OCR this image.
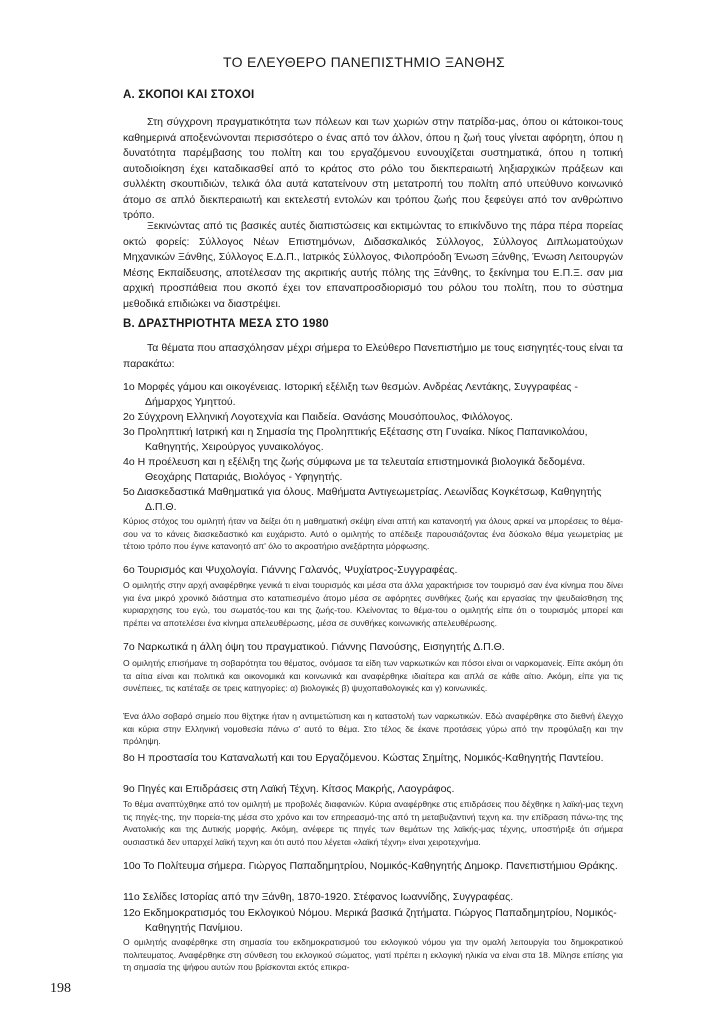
ΤΟ ΕΛΕΥΘΕΡΟ ΠΑΝΕΠΙΣΤΗΜΙΟ ΞΑΝΘΗΣ
Α. ΣΚΟΠΟΙ ΚΑΙ ΣΤΟΧΟΙ
Στη σύγχρονη πραγματικότητα των πόλεων και των χωριών στην πατρίδα-μας, όπου οι κάτοικοι-τους καθημερινά αποξενώνονται περισσότερο ο ένας από τον άλλον, όπου η ζωή τους γίνεται αφόρητη, όπου η δυνατότητα παρέμβασης του πολίτη και του εργαζόμενου ευνουχίζεται συστηματικά, όπου η τοπική αυτοδιοίκηση έχει καταδικασθεί από το κράτος στο ρόλο του διεκπεραιωτή ληξιαρχικών πράξεων και συλλέκτη σκουπιδιών, τελικά όλα αυτά κατατείνουν στη μετατροπή του πολίτη από υπεύθυνο κοινωνικό άτομο σε απλό διεκπεραιωτή και εκτελεστή εντολών και τρόπου ζωής που ξεφεύγει από τον ανθρώπινο τρόπο.
Ξεκινώντας από τις βασικές αυτές διαπιστώσεις και εκτιμώντας το επικίνδυνο της πάρα πέρα πορείας οκτώ φορείς: Σύλλογος Νέων Επιστημόνων, Διδασκαλικός Σύλλογος, Σύλλογος Διπλωματούχων Μηχανικών Ξάνθης, Σύλλογος Ε.Δ.Π., Ιατρικός Σύλλογος, Φιλοπρόοδη Ένωση Ξάνθης, Ένωση Λειτουργών Μέσης Εκπαίδευσης, αποτέλεσαν της ακριτικής αυτής πόλης της Ξάνθης, το ξεκίνημα του Ε.Π.Ξ. σαν μια αρχική προσπάθεια που σκοπό έχει τον επαναπροσδιορισμό του ρόλου του πολίτη, που το σύστημα μεθοδικά επιδιώκει να διαστρέψει.
Β. ΔΡΑΣΤΗΡΙΟΤΗΤΑ ΜΕΣΑ ΣΤΟ 1980
Τα θέματα που απασχόλησαν μέχρι σήμερα το Ελεύθερο Πανεπιστήμιο με τους εισηγητές-τους είναι τα παρακάτω:
1ο Μορφές γάμου και οικογένειας. Ιστορική εξέλιξη των θεσμών. Ανδρέας Λεντάκης, Συγγραφέας - Δήμαρχος Υμηττού.
2ο Σύγχρονη Ελληνική Λογοτεχνία και Παιδεία. Θανάσης Μουσόπουλος, Φιλόλογος.
3ο Προληπτική Ιατρική και η Σημασία της Προληπτικής Εξέτασης στη Γυναίκα. Νίκος Παπανικολάου, Καθηγητής, Χειρούργος γυναικολόγος.
4ο Η προέλευση και η εξέλιξη της ζωής σύμφωνα με τα τελευταία επιστημονικά βιολογικά δεδομένα. Θεοχάρης Παταριάς, Βιολόγος - Υφηγητής.
5ο Διασκεδαστικά Μαθηματικά για όλους. Μαθήματα Αντιγεωμετρίας. Λεωνίδας Κογκέτσωφ, Καθηγητής Δ.Π.Θ.
Κύριος στόχος του ομιλητή ήταν να δείξει ότι η μαθηματική σκέψη είναι απτή και κατανοητή για όλους αρκεί να μπορέσεις το θέμα-σου να το κάνεις διασκεδαστικό και ευχάριστο. Αυτό ο ομιλητής το απέδειξε παρουσιάζοντας ένα δύσκολο θέμα γεωμετρίας με τέτοιο τρόπο που έγινε κατανοητό απ' όλο το ακροατήριο ανεξάρτητα μόρφωσης.
6ο Τουρισμός και Ψυχολογία. Γιάννης Γαλανός, Ψυχίατρος-Συγγραφέας.
Ο ομιλητής στην αρχή αναφέρθηκε γενικά τι είναι τουρισμός και μέσα στα άλλα χαρακτήρισε τον τουρισμό σαν ένα κίνημα που δίνει για ένα μικρό χρονικό διάστημα στο καταπιεσμένο άτομο μέσα σε αφόρητες συνθήκες ζωής και εργασίας την ψευδαίσθηση της κυριαρχησης του εγώ, του σωματός-του και της ζωής-του. Κλείνοντας το θέμα-του ο ομιλητής είπε ότι ο τουρισμός μπορεί και πρέπει να αποτελέσει ένα κίνημα απελευθέρωσης, μέσα σε συνθήκες κοινωνικής απελευθέρωσης.
7ο Ναρκωτικά η άλλη όψη του πραγματικού. Γιάννης Πανούσης, Εισηγητής Δ.Π.Θ.
Ο ομιλητής επισήμανε τη σοβαρότητα του θέματος, ονόμασε τα είδη των ναρκωτικών και πόσοι είναι οι ναρκομανείς. Είπε ακόμη ότι τα αίτια είναι και πολιτικά και οικονομικά και κοινωνικά και αναφέρθηκε ιδιαίτερα και απλά σε κάθε αίτιο. Ακόμη, είπε για τις συνέπειες, τις κατέταξε σε τρεις κατηγορίες: α) βιολογικές β) ψυχοπαθολογικές και γ) κοινωνικές.
Ένα άλλο σοβαρό σημείο που θίχτηκε ήταν η αντιμετώπιση και η καταστολή των ναρκωτικών. Εδώ αναφέρθηκε στο διεθνή έλεγχο και κύρια στην Ελληνική νομοθεσία πάνω σ' αυτό το θέμα. Στο τέλος δε έκανε προτάσεις γύρω από την προφύλαξη και την πρόληψη.
8ο Η προστασία του Καταναλωτή και του Εργαζόμενου. Κώστας Σημίτης, Νομικός-Καθηγητής Παντείου.
9ο Πηγές και Επιδράσεις στη Λαϊκή Τέχνη. Κίτσος Μακρής, Λαογράφος.
Το θέμα αναπτύχθηκε από τον ομιλητή με προβολές διαφανιών. Κύρια αναφέρθηκε στις επιδράσεις που δέχθηκε η λαϊκή-μας τεχνη τις πηγές-της, την πορεία-της μέσα στο χρόνο και τον επηρεασμό-της από τη μεταβυζαντινή τεχνη κα. την επίδραση πάνω-της της Ανατολικής και της Δυτικής μορφής. Ακόμη, ανέφερε τις πηγές των θεμάτων της λαϊκής-μας τέχνης, υποστήριξε ότι σήμερα ουσιαστικά δεν υπαρχεί λαϊκή τεχνη και ότι αυτό που λέγεται «λαϊκή τέχνη» είναι χειροτεχνήμα.
10ο Το Πολίτευμα σήμερα. Γιώργος Παπαδημητρίου, Νομικός-Καθηγητής Δημοκρ. Πανεπιστήμιου Θράκης.
11ο Σελίδες Ιστορίας από την Ξάνθη, 1870-1920. Στέφανος Ιωαννίδης, Συγγραφέας.
12ο Εκδημοκρατισμός του Εκλογικού Νόμου. Μερικά βασικά ζητήματα. Γιώργος Παπαδημητρίου, Νομικός-Καθηγητής Πανίμιου.
Ο ομιλητής αναφέρθηκε στη σημασία του εκδημοκρατισμού του εκλογικού νόμου για την ομαλή λειτουργία του δημοκρατικού πολιτευματος. Αναφέρθηκε στη σύνθεση του εκλογικού σώματος, γιατί πρέπει η εκλογική ηλικία να είναι στα 18. Μίλησε επίσης για τη σημασία της ψήφου αυτών που βρίσκονται εκτός επικρα-
198
